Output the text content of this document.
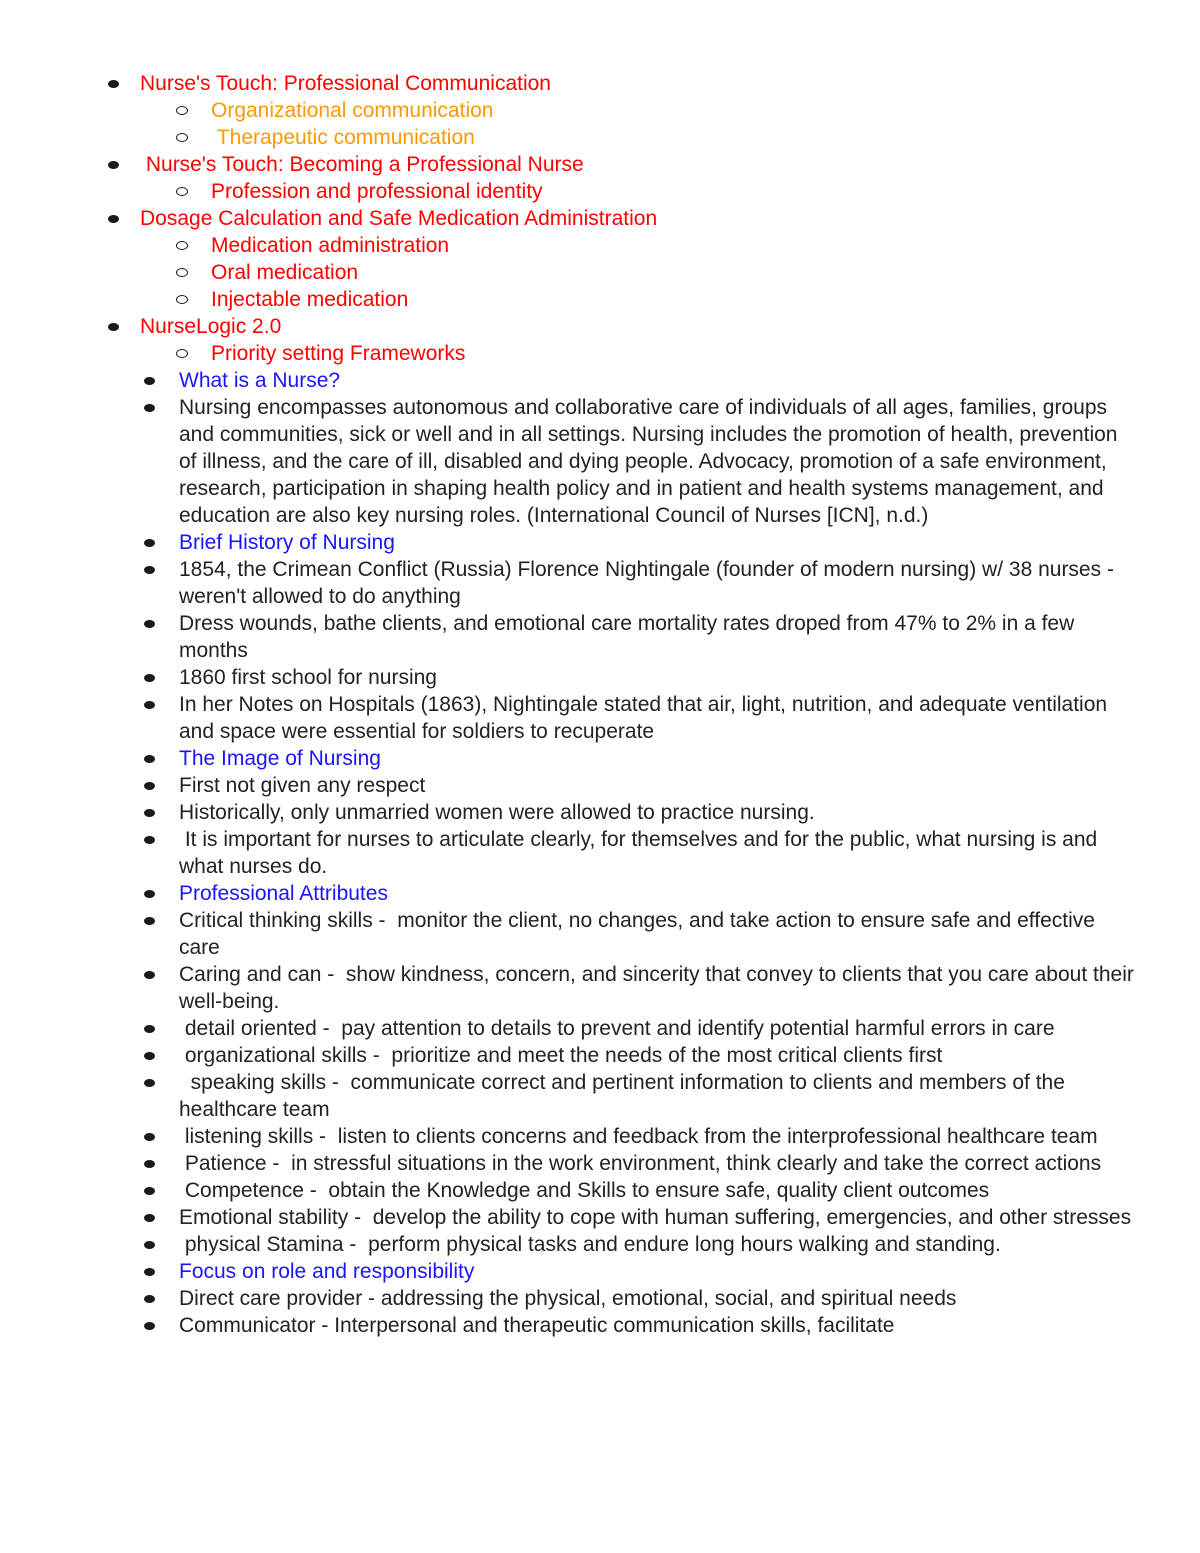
Nurse's Touch: Professional Communication
Organizational communication
Therapeutic communication
Nurse's Touch: Becoming a Professional Nurse
Profession and professional identity
Dosage Calculation and Safe Medication Administration
Medication administration
Oral medication
Injectable medication
NurseLogic 2.0
Priority setting Frameworks
What is a Nurse?
Nursing encompasses autonomous and collaborative care of individuals of all ages, families, groups and communities, sick or well and in all settings. Nursing includes the promotion of health, prevention of illness, and the care of ill, disabled and dying people. Advocacy, promotion of a safe environment, research, participation in shaping health policy and in patient and health systems management, and education are also key nursing roles. (International Council of Nurses [ICN], n.d.)
Brief History of Nursing
1854, the Crimean Conflict (Russia) Florence Nightingale (founder of modern nursing) w/ 38 nurses - weren't allowed to do anything
Dress wounds, bathe clients, and emotional care mortality rates droped from 47% to 2% in a few months
1860 first school for nursing
In her Notes on Hospitals (1863), Nightingale stated that air, light, nutrition, and adequate ventilation and space were essential for soldiers to recuperate
The Image of Nursing
First not given any respect
Historically, only unmarried women were allowed to practice nursing.
It is important for nurses to articulate clearly, for themselves and for the public, what nursing is and what nurses do.
Professional Attributes
Critical thinking skills -  monitor the client, no changes, and take action to ensure safe and effective care
Caring and can -  show kindness, concern, and sincerity that convey to clients that you care about their well-being.
detail oriented -  pay attention to details to prevent and identify potential harmful errors in care
organizational skills -  prioritize and meet the needs of the most critical clients first
speaking skills -  communicate correct and pertinent information to clients and members of the healthcare team
listening skills -  listen to clients concerns and feedback from the interprofessional healthcare team
Patience -  in stressful situations in the work environment, think clearly and take the correct actions
Competence -  obtain the Knowledge and Skills to ensure safe, quality client outcomes
Emotional stability -  develop the ability to cope with human suffering, emergencies, and other stresses
physical Stamina -  perform physical tasks and endure long hours walking and standing.
Focus on role and responsibility
Direct care provider - addressing the physical, emotional, social, and spiritual needs
Communicator - Interpersonal and therapeutic communication skills, facilitate
